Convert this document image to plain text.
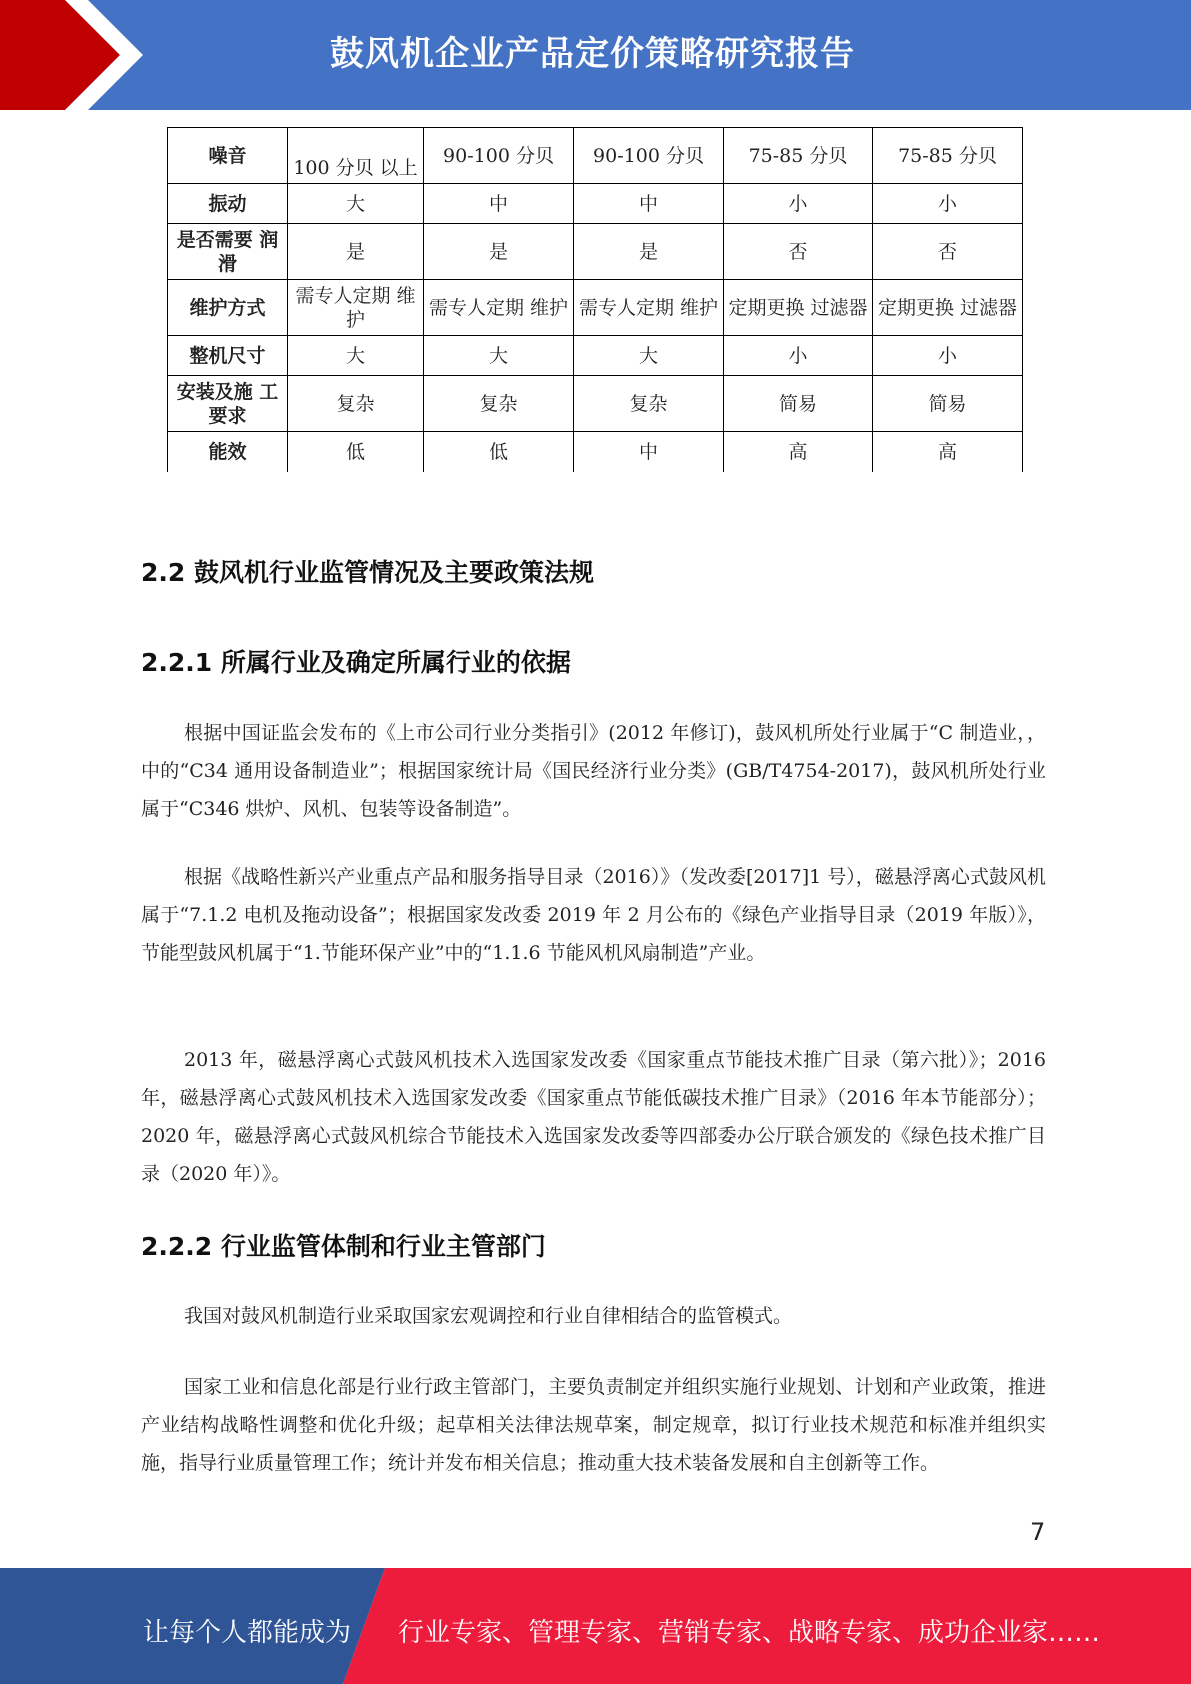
鼓风机企业产品定价策略研究报告
噪音	100 分贝 以上	90-100 分贝	90-100 分贝	75-85 分贝	75-85 分贝
振动	大	中	中	小	小
是否需要 润滑	是	是	是	否	否
维护方式	需专人定期 维护	需专人定期 维护	需专人定期 维护	定期更换 过滤器	定期更换 过滤器
整机尺寸	大	大	大	小	小
安装及施 工要求	复杂	复杂	复杂	简易	简易
能效	低	低	中	高	高
2.2 鼓风机行业监管情况及主要政策法规
2.2.1 所属行业及确定所属行业的依据
根据中国证监会发布的《上市公司行业分类指引》(2012 年修订)，鼓风机所处行业属于“C 制造业，，中的“C34 通用设备制造业”；根据国家统计局《国民经济行业分类》(GB/T4754-2017)，鼓风机所处行业属于“C346 烘炉、风机、包装等设备制造”。
根据《战略性新兴产业重点产品和服务指导目录（2016）》（发改委[2017]1 号），磁悬浮离心式鼓风机属于“7.1.2 电机及拖动设备”；根据国家发改委 2019 年 2 月公布的《绿色产业指导目录（2019 年版）》，节能型鼓风机属于“1.节能环保产业”中的“1.1.6 节能风机风扇制造”产业。
2013 年，磁悬浮离心式鼓风机技术入选国家发改委《国家重点节能技术推广目录（第六批）》；2016 年，磁悬浮离心式鼓风机技术入选国家发改委《国家重点节能低碳技术推广目录》（2016 年本节能部分）；2020 年，磁悬浮离心式鼓风机综合节能技术入选国家发改委等四部委办公厅联合颁发的《绿色技术推广目录（2020 年）》。
2.2.2 行业监管体制和行业主管部门
我国对鼓风机制造行业采取国家宏观调控和行业自律相结合的监管模式。
国家工业和信息化部是行业行政主管部门，主要负责制定并组织实施行业规划、计划和产业政策，推进产业结构战略性调整和优化升级；起草相关法律法规草案，制定规章，拟订行业技术规范和标准并组织实施，指导行业质量管理工作；统计并发布相关信息；推动重大技术装备发展和自主创新等工作。
7
让每个人都能成为 行业专家、管理专家、营销专家、战略专家、成功企业家……
